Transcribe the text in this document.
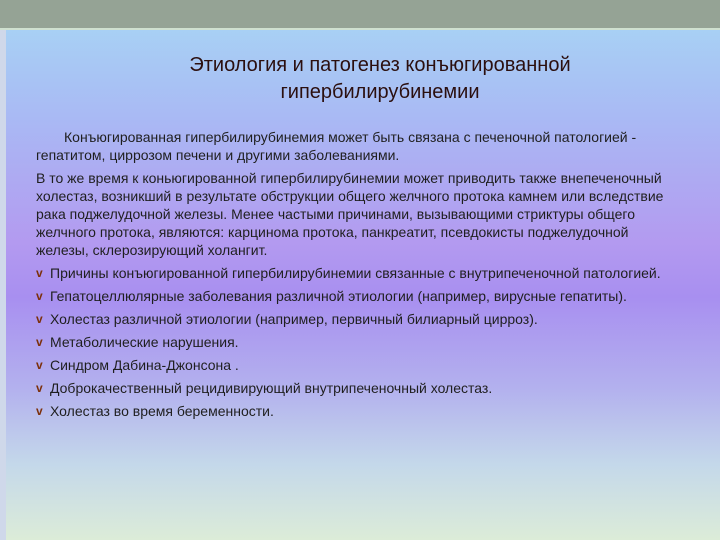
Этиология и патогенез конъюгированной гипербилирубинемии

Конъюгированная гипербилирубинемия может быть связана с печеночной патологией - гепатитом, циррозом печени и другими заболеваниями.

В то же время к коньюгированной гипербилирубинемии может приводить также внепеченочный холестаз, возникший в результате обструкции общего желчного протока камнем или вследствие рака поджелудочной железы. Менее частыми причинами, вызывающими стриктуры общего желчного протока, являются: карцинома протока, панкреатит, псевдокисты поджелудочной железы, склерозирующий холангит.

v Причины конъюгированной гипербилирубинемии связанные с внутрипеченочной патологией.
v Гепатоцеллюлярные заболевания различной этиологии (например, вирусные гепатиты).
v Холестаз различной этиологии (например, первичный билиарный цирроз).
v Метаболические нарушения.
v Синдром Дабина-Джонсона .
v Доброкачественный рецидивирующий внутрипеченочный холестаз.
v Холестаз во время беременности.
